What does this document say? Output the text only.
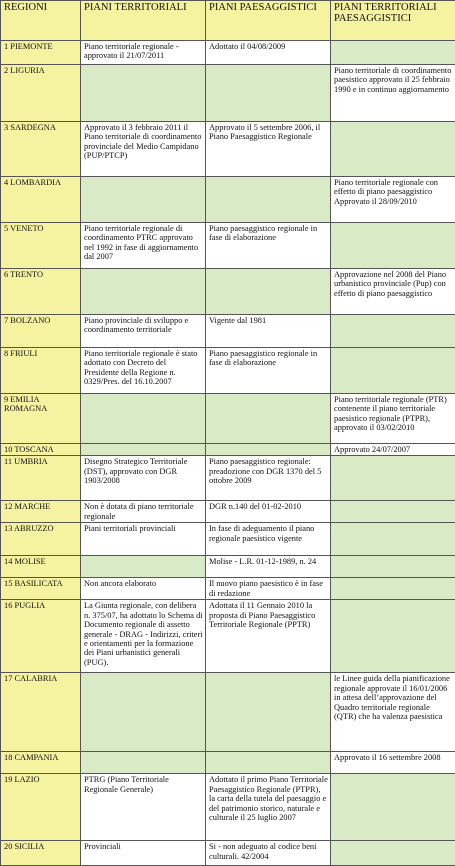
REGIONI	PIANI TERRITORIALI	PIANI PAESAGGISTICI	PIANI TERRITORIALI PAESAGGISTICI
1 PIEMONTE	Piano territoriale regionale - approvato il 21/07/2011	Adottato il 04/08/2009	
2 LIGURIA			Piano territoriale di coordinamento paesistico approvato il 25 febbraio 1990 e in continuo aggiornamento
3 SARDEGNA	Approvato il 3 febbraio 2011 il Piano territoriale di coordinamento provinciale del Medio Campidano (PUP/PTCP)	Approvato il 5 settembre 2006, il Piano Paesaggistico Regionale	
4 LOMBARDIA			Piano territoriale regionale con effetto di piano paesaggistico Approvato il 28/09/2010
5 VENETO	Piano territoriale regionale di coordinamento PTRC approvato nel 1992 in fase di aggiornamento dal 2007	Piano paesaggistico regionale in fase di elaborazione	
6 TRENTO			Approvazione nel 2008 del Piano urbanistico provinciale (Pup) con effetto di piano paesaggistico
7 BOLZANO	Piano provinciale di sviluppo e coordinamento territoriale	Vigente dal 1981	
8 FRIULI	Piano territoriale regionale è stato adottato con Decreto del Presidente della Regione n. 0329/Pres. del 16.10.2007	Piano paesaggistico regionale in fase di elaborazione	
9 EMILIA ROMAGNA			Piano territoriale regionale (PTR) contenente il piano territoriale paesistico regionale (PTPR), approvato il 03/02/2010
10 TOSCANA			Approvato 24/07/2007
11 UMBRIA	Disegno Strategico Territoriale (DST), approvato con DGR 1903/2008	Piano paesaggistico regionale: preadozione con DGR 1370 del 5 ottobre 2009	
12 MARCHE	Non è dotata di piano territoriale regionale	DGR n.140 del 01-02-2010	
13 ABRUZZO	Piani territoriali provinciali	In fase di adeguamento il piano regionale paesistico vigente	
14 MOLISE		Molise - L.R. 01-12-1989, n. 24	
15 BASILICATA	Non ancora elaborato	Il nuovo piano paesistico è in fase di redazione	
16 PUGLIA	La Giunta regionale, con delibera n. 375/07, ha adottato lo Schema di Documento regionale di assetto generale - DRAG - Indirizzi, criteri e orientamenti per la formazione dei Piani urbanistici generali (PUG).	Adottata il 11 Gennaio 2010 la proposta di Piano Paesaggistico Territoriale Regionale (PPTR)	
17 CALABRIA			le Linee guida della pianificazione regionale approvate il 16/01/2006 in attesa dell’approvazione del Quadro territoriale regionale (QTR) che ha valenza paesistica
18 CAMPANIA			Approvato il 16 settembre 2008
19 LAZIO	PTRG (Piano Territoriale Regionale Generale)	Adottato il primo Piano Territoriale Paesaggistico Regionale (PTPR), la carta della tutela del paesaggio e del patrimonio storico, naturale e culturale il 25 luglio 2007	
20 SICILIA	Provinciali	Si - non adeguato al codice beni culturali. 42/2004	
